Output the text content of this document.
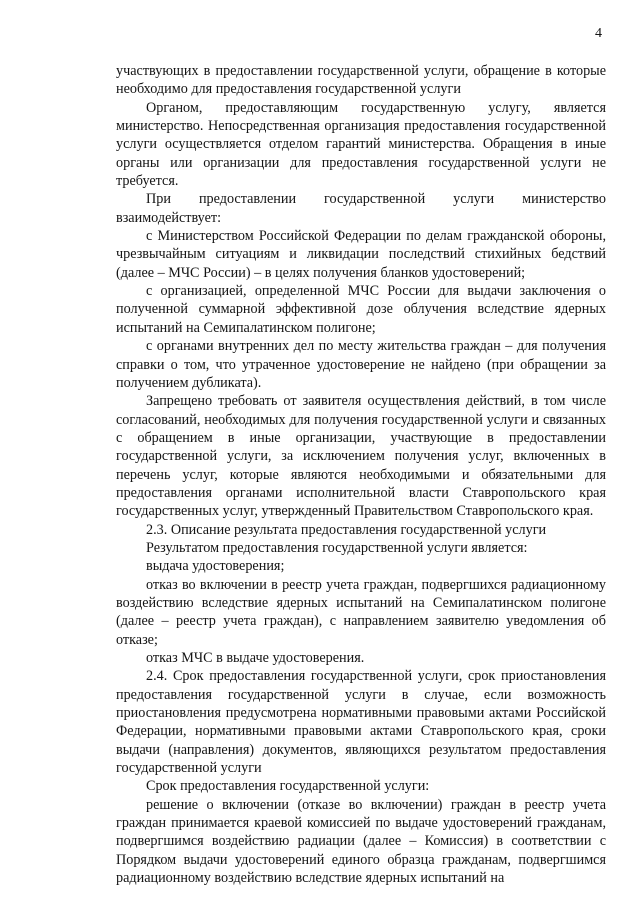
4

участвующих в предоставлении государственной услуги, обращение в которые необходимо для предоставления государственной услуги

Органом, предоставляющим государственную услугу, является министерство. Непосредственная организация предоставления государственной услуги осуществляется отделом гарантий министерства. Обращения в иные органы или организации для предоставления государственной услуги не требуется.

При предоставлении государственной услуги министерство взаимодействует:

с Министерством Российской Федерации по делам гражданской обороны, чрезвычайным ситуациям и ликвидации последствий стихийных бедствий (далее – МЧС России) – в целях получения бланков удостоверений;

с организацией, определенной МЧС России для выдачи заключения о полученной суммарной эффективной дозе облучения вследствие ядерных испытаний на Семипалатинском полигоне;

с органами внутренних дел по месту жительства граждан – для получения справки о том, что утраченное удостоверение не найдено (при обращении за получением дубликата).

Запрещено требовать от заявителя осуществления действий, в том числе согласований, необходимых для получения государственной услуги и связанных с обращением в иные организации, участвующие в предоставлении государственной услуги, за исключением получения услуг, включенных в перечень услуг, которые являются необходимыми и обязательными для предоставления органами исполнительной власти Ставропольского края государственных услуг, утвержденный Правительством Ставропольского края.

2.3. Описание результата предоставления государственной услуги

Результатом предоставления государственной услуги является:

выдача удостоверения;

отказ во включении в реестр учета граждан, подвергшихся радиационному воздействию вследствие ядерных испытаний на Семипалатинском полигоне (далее – реестр учета граждан), с направлением заявителю уведомления об отказе;

отказ МЧС в выдаче удостоверения.

2.4. Срок предоставления государственной услуги, срок приостановления предоставления государственной услуги в случае, если возможность приостановления предусмотрена нормативными правовыми актами Российской Федерации, нормативными правовыми актами Ставропольского края, сроки выдачи (направления) документов, являющихся результатом предоставления государственной услуги

Срок предоставления государственной услуги:

решение о включении (отказе во включении) граждан в реестр учета граждан принимается краевой комиссией по выдаче удостоверений гражданам, подвергшимся воздействию радиации (далее – Комиссия) в соответствии с Порядком выдачи удостоверений единого образца гражданам, подвергшимся радиационному воздействию вследствие ядерных испытаний на
